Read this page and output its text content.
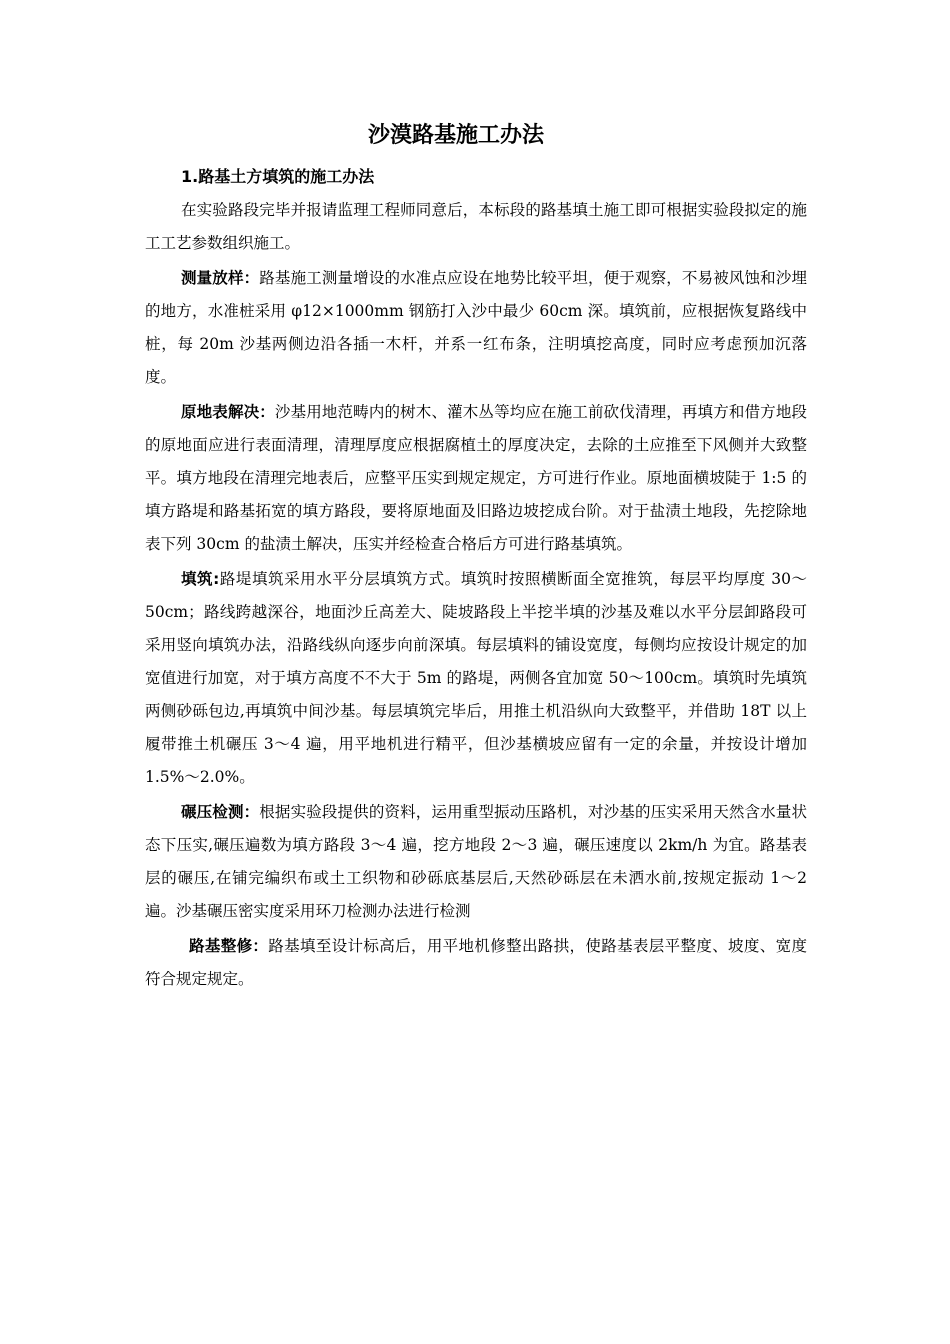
沙漠路基施工办法
1.路基土方填筑的施工办法

在实验路段完毕并报请监理工程师同意后，本标段的路基填土施工即可根据实验段拟定的施工工艺参数组织施工。

测量放样：路基施工测量增设的水准点应设在地势比较平坦，便于观察，不易被风蚀和沙埋的地方，水准桩采用 φ12×1000mm 钢筋打入沙中最少 60cm 深。填筑前，应根据恢复路线中桩，每 20m 沙基两侧边沿各插一木杆，并系一红布条，注明填挖高度，同时应考虑预加沉落度。

原地表解决：沙基用地范畴内的树木、灌木丛等均应在施工前砍伐清理，再填方和借方地段的原地面应进行表面清理，清理厚度应根据腐植土的厚度决定，去除的土应推至下风侧并大致整平。填方地段在清理完地表后，应整平压实到规定规定，方可进行作业。原地面横坡陡于 1:5 的填方路堤和路基拓宽的填方路段，要将原地面及旧路边坡挖成台阶。对于盐渍土地段，先挖除地表下列 30cm 的盐渍土解决，压实并经检查合格后方可进行路基填筑。

填筑:路堤填筑采用水平分层填筑方式。填筑时按照横断面全宽推筑，每层平均厚度 30～50cm；路线跨越深谷，地面沙丘高差大、陡坡路段上半挖半填的沙基及难以水平分层卸路段可采用竖向填筑办法，沿路线纵向逐步向前深填。每层填料的铺设宽度，每侧均应按设计规定的加宽值进行加宽，对于填方高度不不大于 5m 的路堤，两侧各宜加宽 50～100cm。填筑时先填筑两侧砂砾包边,再填筑中间沙基。每层填筑完毕后，用推土机沿纵向大致整平，并借助 18T 以上履带推土机碾压 3～4 遍，用平地机进行精平，但沙基横坡应留有一定的余量，并按设计增加 1.5%～2.0%。

碾压检测：根据实验段提供的资料，运用重型振动压路机，对沙基的压实采用天然含水量状态下压实,碾压遍数为填方路段 3～4 遍，挖方地段 2～3 遍，碾压速度以 2km/h 为宜。路基表层的碾压,在铺完编织布或土工织物和砂砾底基层后,天然砂砾层在未洒水前,按规定振动 1～2 遍。沙基碾压密实度采用环刀检测办法进行检测

路基整修：路基填至设计标高后，用平地机修整出路拱，使路基表层平整度、坡度、宽度符合规定规定。
